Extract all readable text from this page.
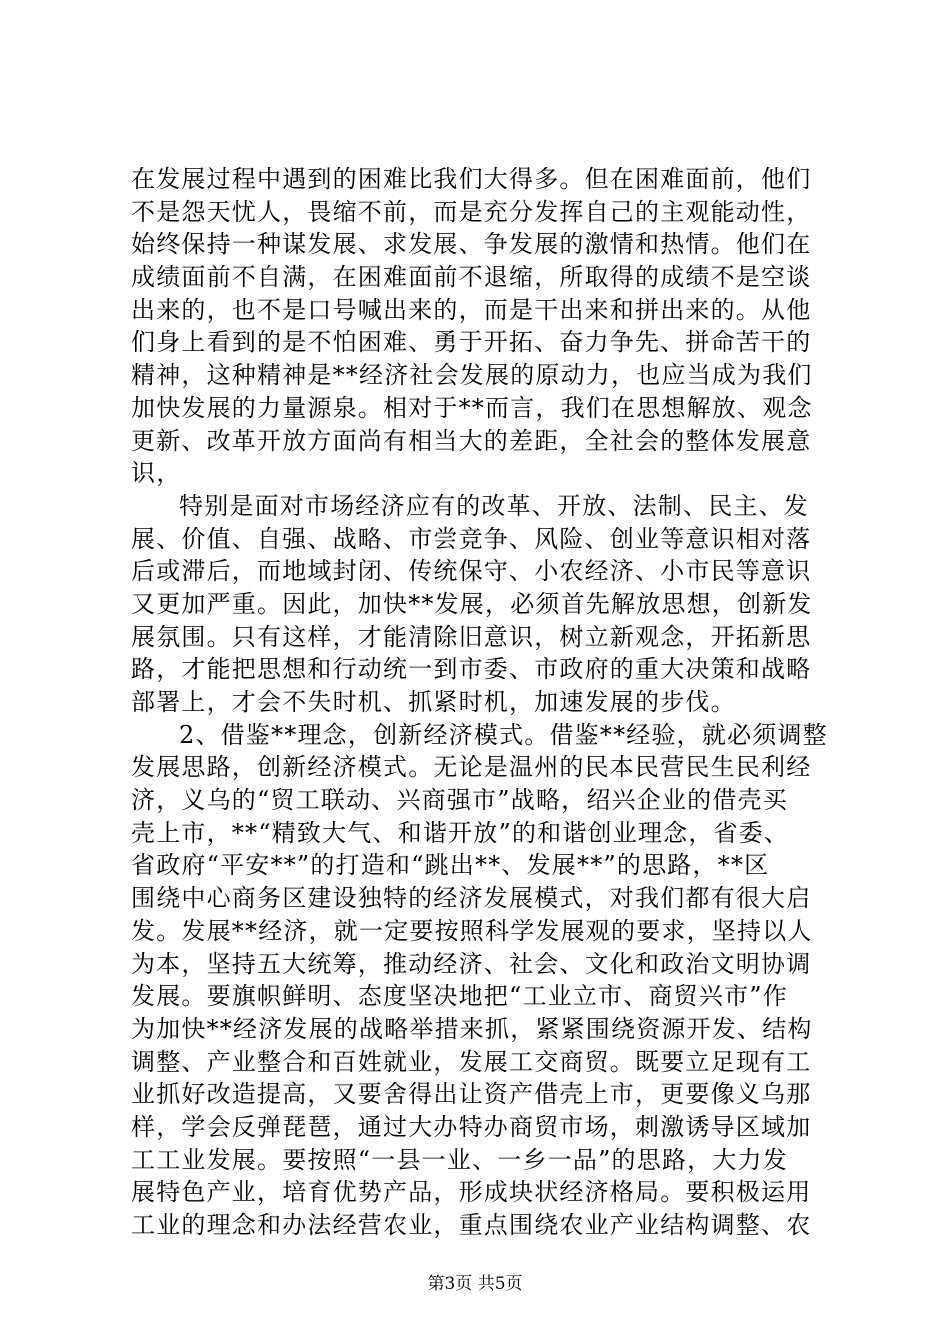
在发展过程中遇到的困难比我们大得多。但在困难面前，他们
不是怨天忧人，畏缩不前，而是充分发挥自己的主观能动性，
始终保持一种谋发展、求发展、争发展的激情和热情。他们在
成绩面前不自满，在困难面前不退缩，所取得的成绩不是空谈
出来的，也不是口号喊出来的，而是干出来和拼出来的。从他
们身上看到的是不怕困难、勇于开拓、奋力争先、拼命苦干的
精神，这种精神是**经济社会发展的原动力，也应当成为我们
加快发展的力量源泉。相对于**而言，我们在思想解放、观念
更新、改革开放方面尚有相当大的差距，全社会的整体发展意
识，
特别是面对市场经济应有的改革、开放、法制、民主、发
展、价值、自强、战略、市尝竞争、风险、创业等意识相对落
后或滞后，而地域封闭、传统保守、小农经济、小市民等意识
又更加严重。因此，加快**发展，必须首先解放思想，创新发
展氛围。只有这样，才能清除旧意识，树立新观念，开拓新思
路，才能把思想和行动统一到市委、市政府的重大决策和战略
部署上，才会不失时机、抓紧时机，加速发展的步伐。
2、借鉴**理念，创新经济模式。借鉴**经验，就必须调整
发展思路，创新经济模式。无论是温州的民本民营民生民利经
济，义乌的“贸工联动、兴商强市”战略，绍兴企业的借壳买
壳上市，**“精致大气、和谐开放”的和谐创业理念，省委、
省政府“平安**”的打造和“跳出**、发展**”的思路，**区
围绕中心商务区建设独特的经济发展模式，对我们都有很大启
发。发展**经济，就一定要按照科学发展观的要求，坚持以人
为本，坚持五大统筹，推动经济、社会、文化和政治文明协调
发展。要旗帜鲜明、态度坚决地把“工业立市、商贸兴市”作
为加快**经济发展的战略举措来抓，紧紧围绕资源开发、结构
调整、产业整合和百姓就业，发展工交商贸。既要立足现有工
业抓好改造提高，又要舍得出让资产借壳上市，更要像义乌那
样，学会反弹琵琶，通过大办特办商贸市场，刺激诱导区域加
工工业发展。要按照“一县一业、一乡一品”的思路，大力发
展特色产业，培育优势产品，形成块状经济格局。要积极运用
工业的理念和办法经营农业，重点围绕农业产业结构调整、农
第3页 共5页
